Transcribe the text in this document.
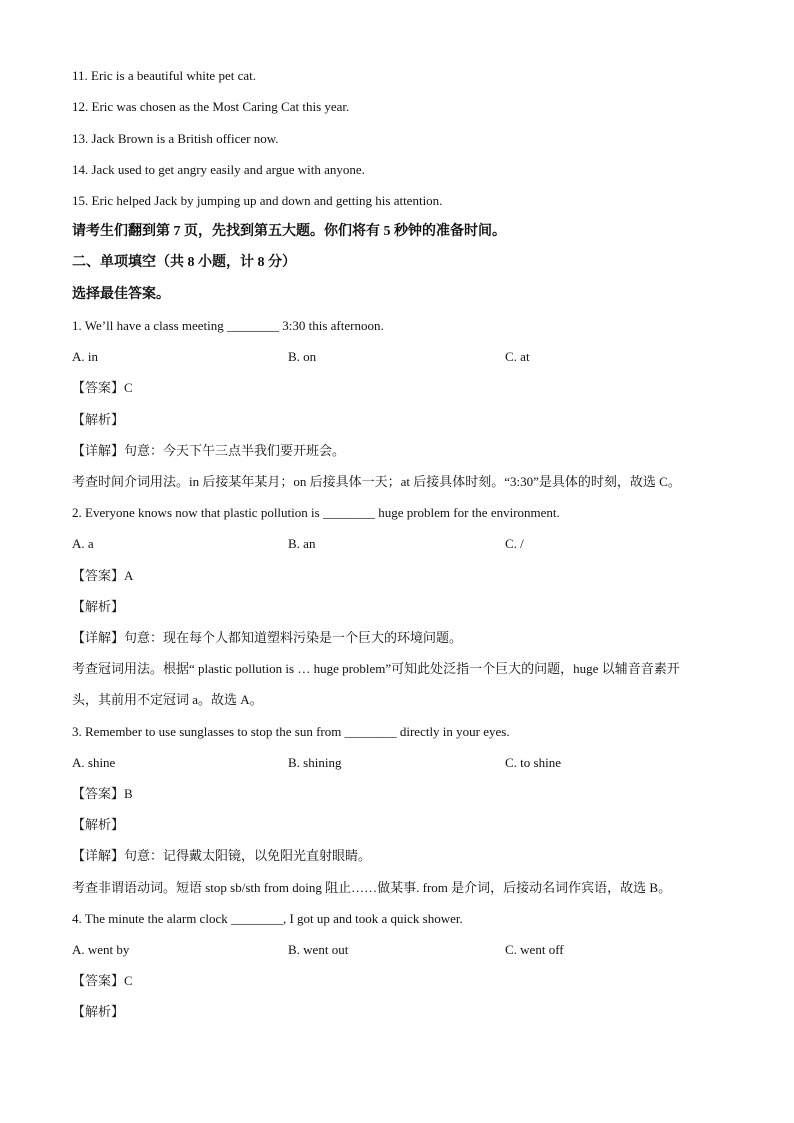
11. Eric is a beautiful white pet cat.
12. Eric was chosen as the Most Caring Cat this year.
13. Jack Brown is a British officer now.
14. Jack used to get angry easily and argue with anyone.
15. Eric helped Jack by jumping up and down and getting his attention.
请考生们翻到第 7 页，先找到第五大题。你们将有 5 秒钟的准备时间。
二、单项填空（共 8 小题，计 8 分）
选择最佳答案。
1. We’ll have a class meeting ________ 3:30 this afternoon.
A. in	B. on	C. at
【答案】C
【解析】
【详解】句意：今天下午三点半我们要开班会。
考查时间介词用法。in 后接某年某月；on 后接具体一天；at 后接具体时刻。“3:30”是具体的时刻，故选 C。
2. Everyone knows now that plastic pollution is ________ huge problem for the environment.
A. a	B. an	C. /
【答案】A
【解析】
【详解】句意：现在每个人都知道塑料污染是一个巨大的环境问题。
考查冠词用法。根据“ plastic pollution is … huge problem”可知此处泛指一个巨大的问题，huge 以辅音音素开
头，其前用不定冠词 a。故选 A。
3. Remember to use sunglasses to stop the sun from ________ directly in your eyes.
A. shine	B. shining	C. to shine
【答案】B
【解析】
【详解】句意：记得戴太阳镜，以免阳光直射眼睛。
考查非谓语动词。短语 stop sb/sth from doing 阻止……做某事. from 是介词，后接动名词作宾语，故选 B。
4. The minute the alarm clock ________, I got up and took a quick shower.
A. went by	B. went out	C. went off
【答案】C
【解析】
